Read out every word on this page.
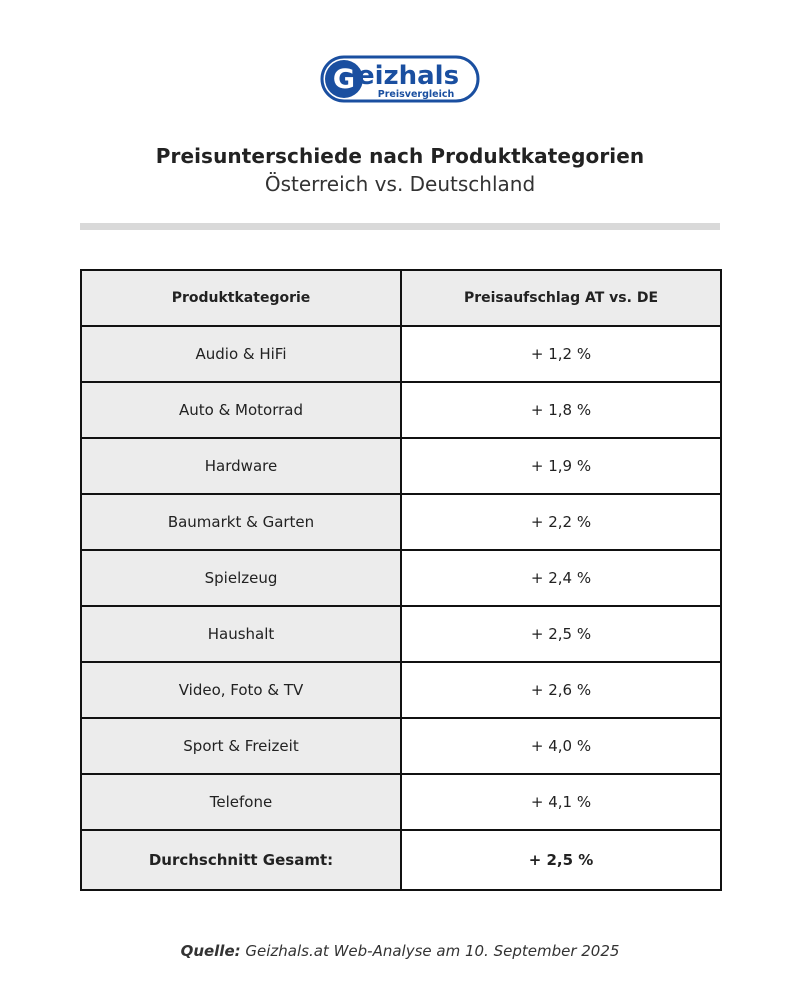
G eizhals
Preisvergleich
Preisunterschiede nach Produktkategorien
Österreich vs. Deutschland
Produktkategorie	Preisaufschlag AT vs. DE
Audio & HiFi	+ 1,2 %
Auto & Motorrad	+ 1,8 %
Hardware	+ 1,9 %
Baumarkt & Garten	+ 2,2 %
Spielzeug	+ 2,4 %
Haushalt	+ 2,5 %
Video, Foto & TV	+ 2,6 %
Sport & Freizeit	+ 4,0 %
Telefone	+ 4,1 %
Durchschnitt Gesamt:	+ 2,5 %
Quelle: Geizhals.at Web-Analyse am 10. September 2025
